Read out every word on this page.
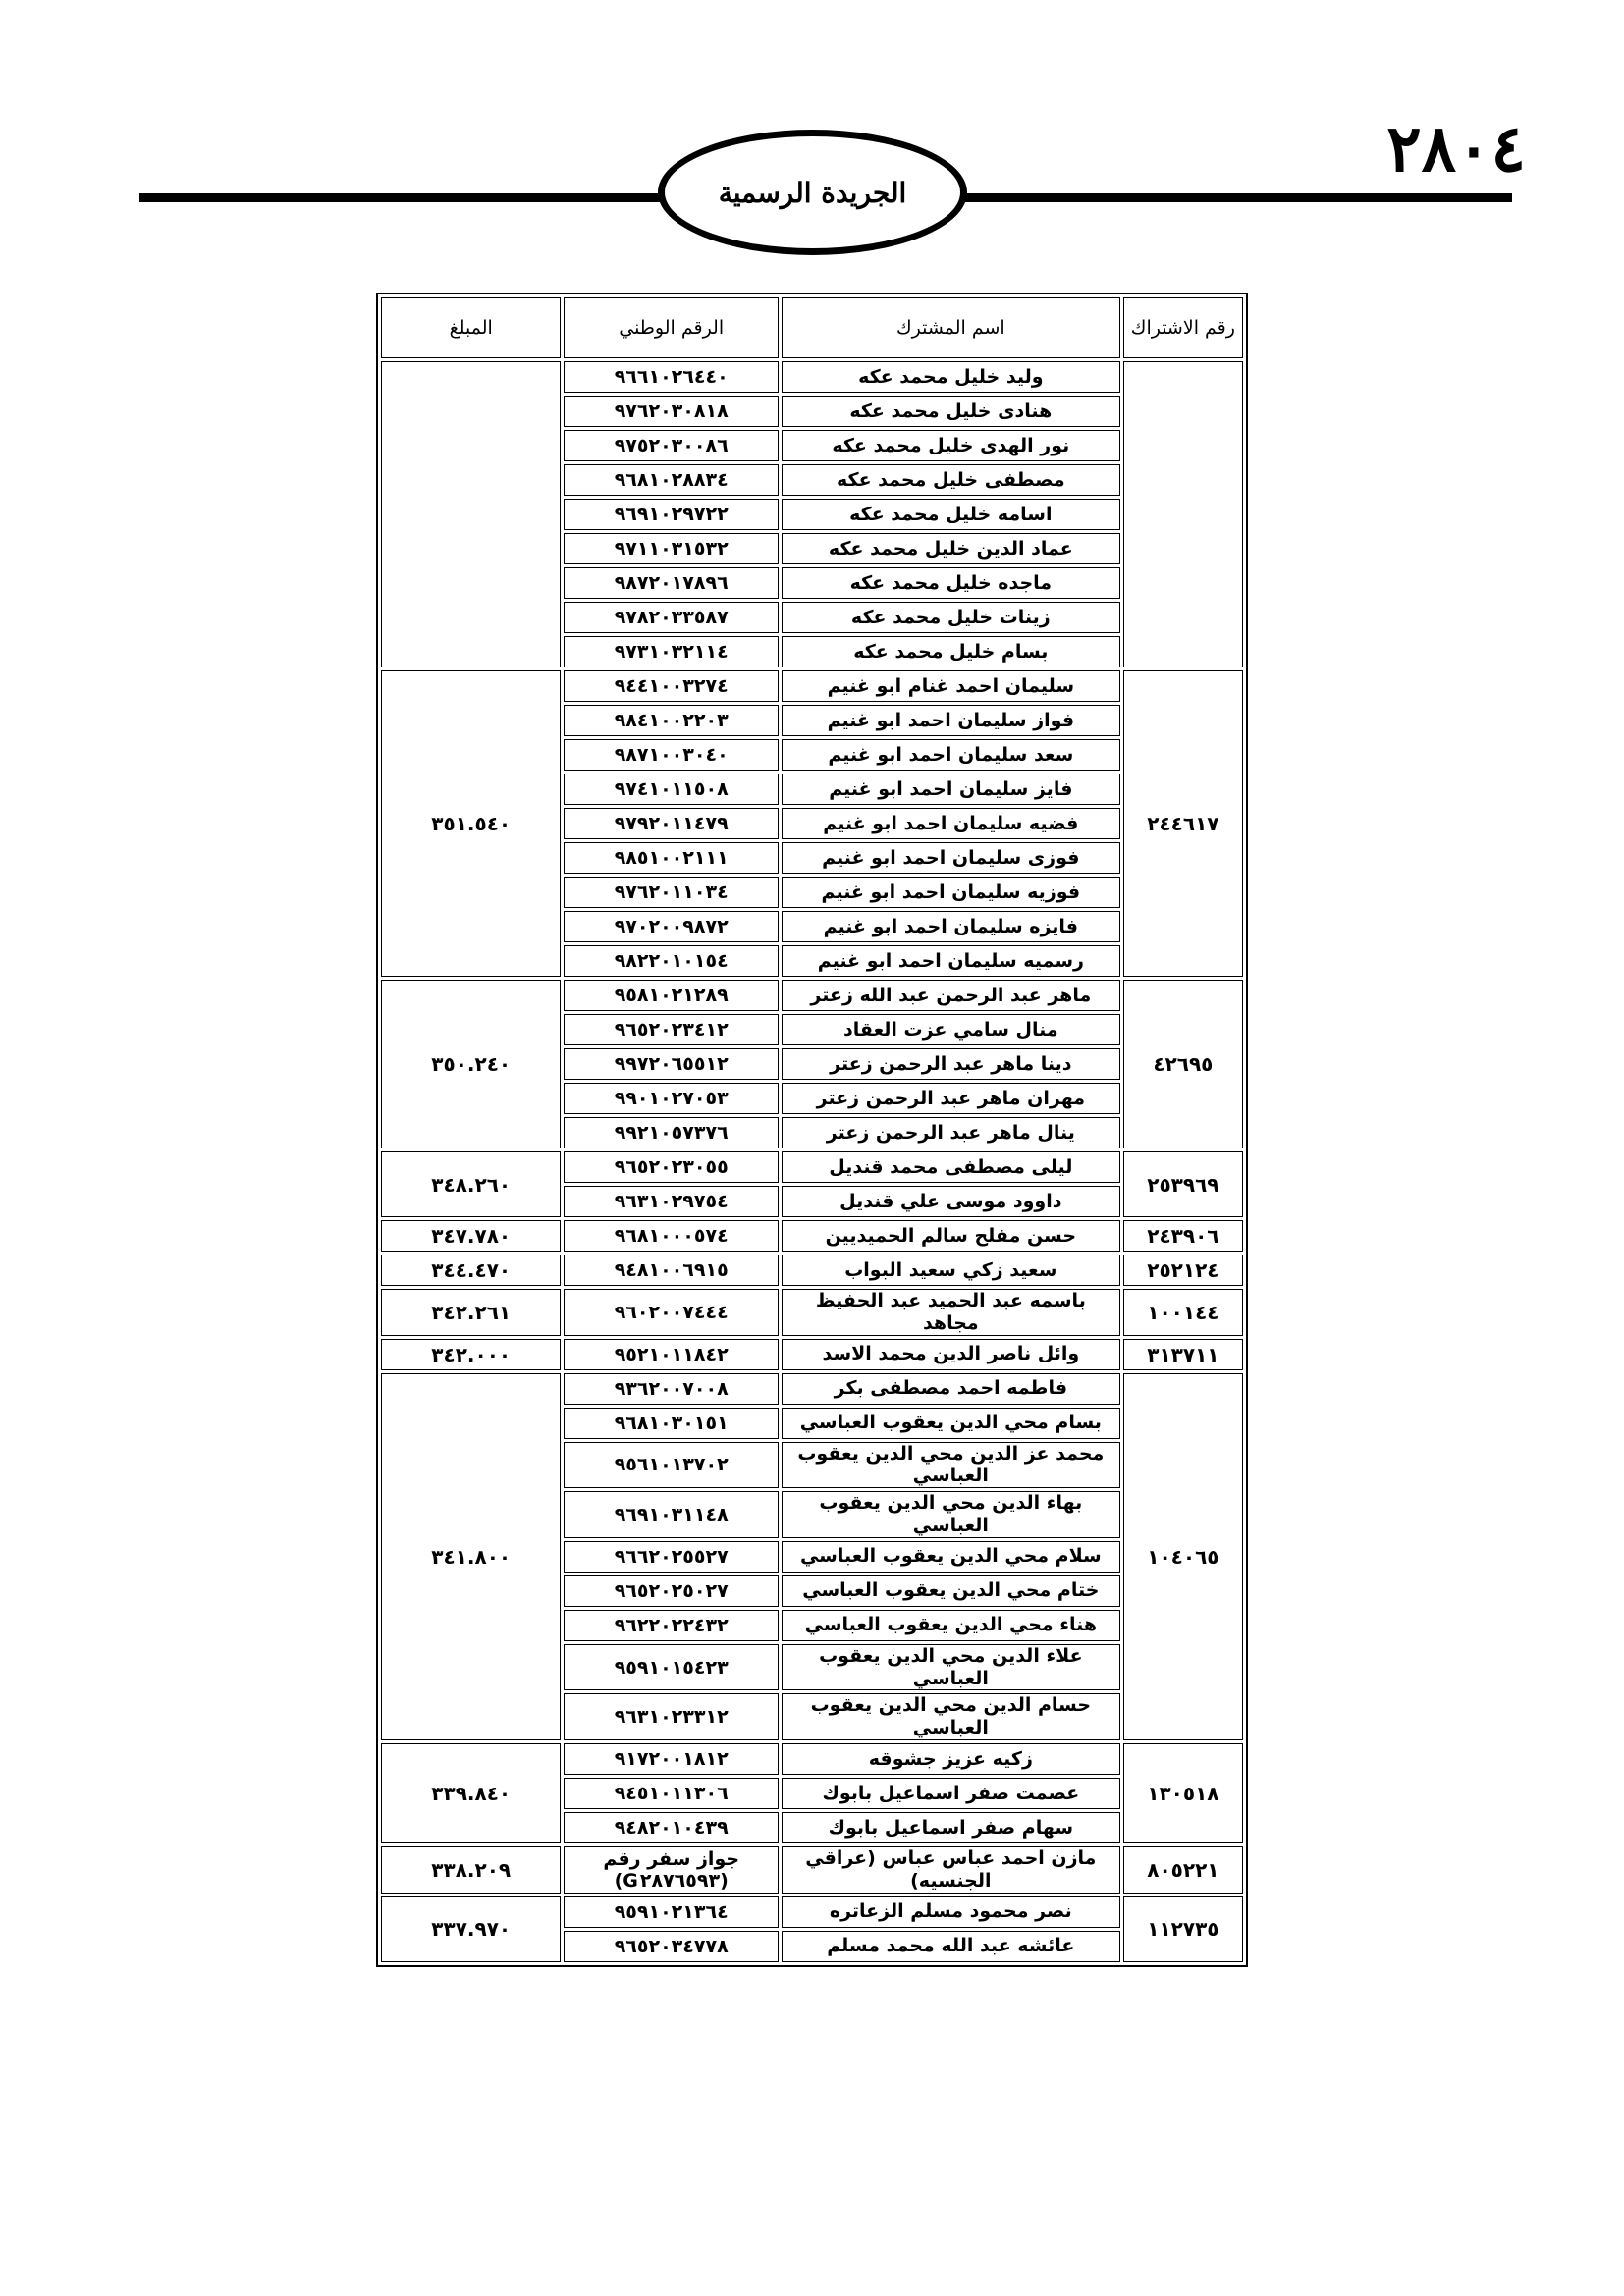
٢٨٠٤
الجريدة الرسمية
رقم الاشتراك	اسم المشترك	الرقم الوطني	المبلغ
	وليد خليل محمد عكه	٩٦٦١٠٢٦٤٤٠	
	هنادى خليل محمد عكه	٩٧٦٢٠٣٠٨١٨	
	نور الهدى خليل محمد عكه	٩٧٥٢٠٣٠٠٨٦	
	مصطفى خليل محمد عكه	٩٦٨١٠٢٨٨٣٤	
	اسامه خليل محمد عكه	٩٦٩١٠٢٩٧٢٢	
	عماد الدين خليل محمد عكه	٩٧١١٠٣١٥٣٢	
	ماجده خليل محمد عكه	٩٨٧٢٠١٧٨٩٦	
	زينات خليل محمد عكه	٩٧٨٢٠٣٣٥٨٧	
	بسام خليل محمد عكه	٩٧٣١٠٣٢١١٤	
٢٤٤٦١٧	سليمان احمد غنام ابو غنيم	٩٤٤١٠٠٣٢٧٤	٣٥١.٥٤٠
	فواز سليمان احمد ابو غنيم	٩٨٤١٠٠٢٢٠٣	
	سعد سليمان احمد ابو غنيم	٩٨٧١٠٠٣٠٤٠	
	فايز سليمان احمد ابو غنيم	٩٧٤١٠١١٥٠٨	
	فضيه سليمان احمد ابو غنيم	٩٧٩٢٠١١٤٧٩	
	فوزى سليمان احمد ابو غنيم	٩٨٥١٠٠٢١١١	
	فوزيه سليمان احمد ابو غنيم	٩٧٦٢٠١١٠٣٤	
	فايزه سليمان احمد ابو غنيم	٩٧٠٢٠٠٩٨٧٢	
	رسميه سليمان احمد ابو غنيم	٩٨٢٢٠١٠١٥٤	
٤٢٦٩٥	ماهر عبد الرحمن عبد الله زعتر	٩٥٨١٠٢١٢٨٩	٣٥٠.٢٤٠
	منال سامي عزت العقاد	٩٦٥٢٠٢٣٤١٢	
	دينا ماهر عبد الرحمن زعتر	٩٩٧٢٠٦٥٥١٢	
	مهران ماهر عبد الرحمن زعتر	٩٩٠١٠٢٧٠٥٣	
	ينال ماهر عبد الرحمن زعتر	٩٩٢١٠٥٧٣٧٦	
٢٥٣٩٦٩	ليلى مصطفى محمد قنديل	٩٦٥٢٠٢٣٠٥٥	٣٤٨.٢٦٠
	داوود موسى علي قنديل	٩٦٣١٠٢٩٧٥٤	
٢٤٣٩٠٦	حسن مفلح سالم الحميديين	٩٦٨١٠٠٠٥٧٤	٣٤٧.٧٨٠
٢٥٢١٢٤	سعيد زكي سعيد البواب	٩٤٨١٠٠٦٩١٥	٣٤٤.٤٧٠
١٠٠١٤٤	باسمه عبد الحميد عبد الحفيظ مجاهد	٩٦٠٢٠٠٧٤٤٤	٣٤٢.٢٦١
٣١٣٧١١	وائل ناصر الدين محمد الاسد	٩٥٢١٠١١٨٤٢	٣٤٢.٠٠٠
١٠٤٠٦٥	فاطمه احمد مصطفى بكر	٩٣٦٢٠٠٧٠٠٨	٣٤١.٨٠٠
	بسام محي الدين يعقوب العباسي	٩٦٨١٠٣٠١٥١	
	محمد عز الدين محي الدين يعقوب العباسي	٩٥٦١٠١٣٧٠٢	
	بهاء الدين محي الدين يعقوب العباسي	٩٦٩١٠٣١١٤٨	
	سلام محي الدين يعقوب العباسي	٩٦٦٢٠٢٥٥٢٧	
	ختام محي الدين يعقوب العباسي	٩٦٥٢٠٢٥٠٢٧	
	هناء محي الدين يعقوب العباسي	٩٦٢٢٠٢٢٤٣٢	
	علاء الدين محي الدين يعقوب العباسي	٩٥٩١٠١٥٤٢٣	
	حسام الدين محي الدين يعقوب العباسي	٩٦٣١٠٢٣٣١٢	
١٣٠٥١٨	زكيه عزيز جشوقه	٩١٧٢٠٠١٨١٢	٣٣٩.٨٤٠
	عصمت صفر اسماعيل بابوك	٩٤٥١٠١١٣٠٦	
	سهام صفر اسماعيل بابوك	٩٤٨٢٠١٠٤٣٩	
٨٠٥٢٢١	مازن احمد عباس عباس (عراقي الجنسيه)	جواز سفر رقم (G٢٨٧٦٥٩٣)	٣٣٨.٢٠٩
١١٢٧٣٥	نصر محمود مسلم الزعاتره	٩٥٩١٠٢١٣٦٤	٣٣٧.٩٧٠
	عائشه عبد الله محمد مسلم	٩٦٥٢٠٣٤٧٧٨	
